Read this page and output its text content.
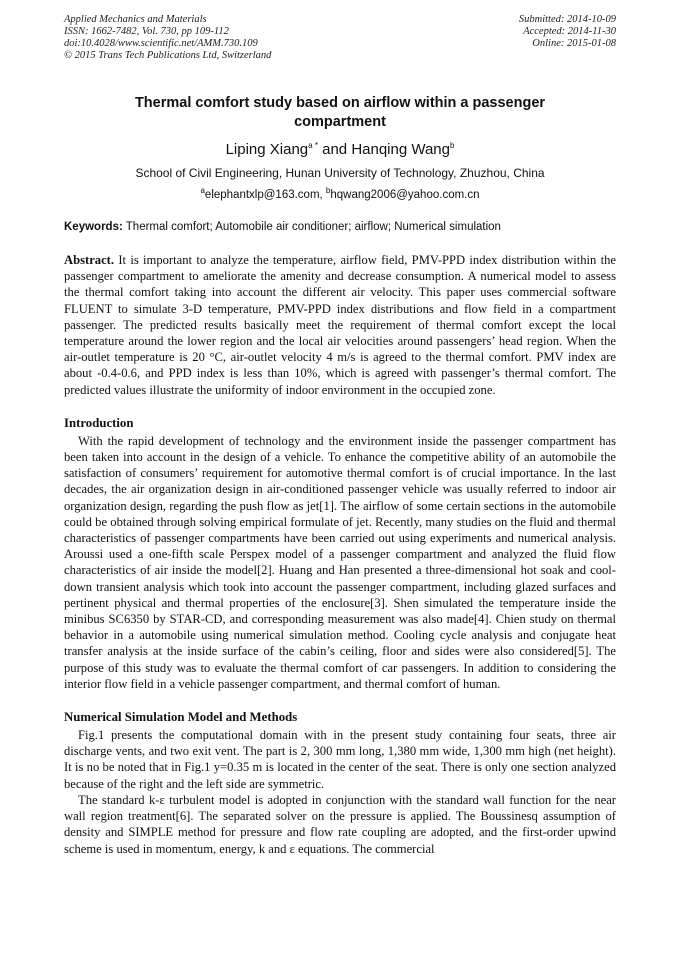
Applied Mechanics and Materials
ISSN: 1662-7482, Vol. 730, pp 109-112
doi:10.4028/www.scientific.net/AMM.730.109
© 2015 Trans Tech Publications Ltd, Switzerland
Submitted: 2014-10-09
Accepted: 2014-11-30
Online: 2015-01-08
Thermal comfort study based on airflow within a passenger compartment
Liping Xiang$^{a *}$ and Hanqing Wang$^b$
School of Civil Engineering, Hunan University of Technology, Zhuzhou, China
$^a$elephantxlp@163.com, $^b$hqwang2006@yahoo.com.cn
Keywords: Thermal comfort; Automobile air conditioner; airflow; Numerical simulation
Abstract. It is important to analyze the temperature, airflow field, PMV-PPD index distribution within the passenger compartment to ameliorate the amenity and decrease consumption. A numerical model to assess the thermal comfort taking into account the different air velocity. This paper uses commercial software FLUENT to simulate 3-D temperature, PMV-PPD index distributions and flow field in a compartment passenger. The predicted results basically meet the requirement of thermal comfort except the local temperature around the lower region and the local air velocities around passengers’ head region. When the air-outlet temperature is 20 °C, air-outlet velocity 4 m/s is agreed to the thermal comfort. PMV index are about -0.4-0.6, and PPD index is less than 10%, which is agreed with passenger’s thermal comfort. The predicted values illustrate the uniformity of indoor environment in the occupied zone.
Introduction

With the rapid development of technology and the environment inside the passenger compartment has been taken into account in the design of a vehicle. To enhance the competitive ability of an automobile the satisfaction of consumers’ requirement for automotive thermal comfort is of crucial importance. In the last decades, the air organization design in air-conditioned passenger vehicle was usually referred to indoor air organization design, regarding the push flow as jet[1]. The airflow of some certain sections in the automobile could be obtained through solving empirical formulate of jet. Recently, many studies on the fluid and thermal characteristics of passenger compartments have been carried out using experiments and numerical analysis. Aroussi used a one-fifth scale Perspex model of a passenger compartment and analyzed the fluid flow characteristics of air inside the model[2]. Huang and Han presented a three-dimensional hot soak and cool-down transient analysis which took into account the passenger compartment, including glazed surfaces and pertinent physical and thermal properties of the enclosure[3]. Shen simulated the temperature inside the minibus SC6350 by STAR-CD, and corresponding measurement was also made[4]. Chien study on thermal behavior in a automobile using numerical simulation method. Cooling cycle analysis and conjugate heat transfer analysis at the inside surface of the cabin’s ceiling, floor and sides were also considered[5]. The purpose of this study was to evaluate the thermal comfort of car passengers. In addition to considering the interior flow field in a vehicle passenger compartment, and thermal comfort of human.

Numerical Simulation Model and Methods

Fig.1 presents the computational domain with in the present study containing four seats, three air discharge vents, and two exit vent. The part is 2, 300 mm long, 1,380 mm wide, 1,300 mm high (net height). It is no be noted that in Fig.1 y=0.35 m is located in the center of the seat. There is only one section analyzed because of the right and the left side are symmetric.

The standard k-ε turbulent model is adopted in conjunction with the standard wall function for the near wall region treatment[6]. The separated solver on the pressure is applied. The Boussinesq assumption of density and SIMPLE method for pressure and flow rate coupling are adopted, and the first-order upwind scheme is used in momentum, energy, k and ε equations. The commercial
